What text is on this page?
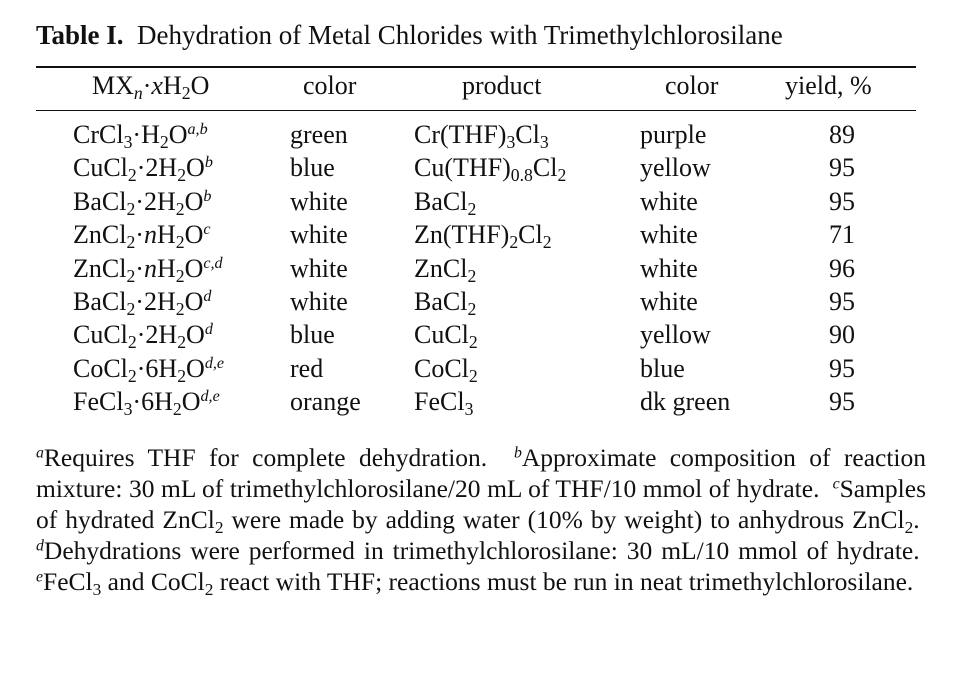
Table I. Dehydration of Metal Chlorides with Trimethylchlorosilane
$MX_n\cdot xH_2O$	color	product	color	yield, %
$CrCl_3\cdot H_2O^{a,b}$	green	$Cr(THF)_3Cl_3$	purple	89
$CuCl_2\cdot 2H_2O^b$	blue	$Cu(THF)_{0.8}Cl_2$	yellow	95
$BaCl_2\cdot 2H_2O^b$	white	BaCl$_2$	white	95
$ZnCl_2\cdot nH_2O^c$	white	$Zn(THF)_2Cl_2$	white	71
$ZnCl_2\cdot nH_2O^{c,d}$	white	ZnCl$_2$	white	96
$BaCl_2\cdot 2H_2O^d$	white	BaCl$_2$	white	95
$CuCl_2\cdot 2H_2O^d$	blue	CuCl$_2$	yellow	90
$CoCl_2\cdot 6H_2O^{d,e}$	red	CoCl$_2$	blue	95
$FeCl_3\cdot 6H_2O^{d,e}$	orange FeCl$_3$	dk green	95
$^a$Requires THF for complete dehydration. $^b$Approximate composition of reaction mixture: 30 mL of trimethylchlorosilane/20 mL of THF/10 mmol of hydrate. $^c$Samples of hydrated ZnCl$_2$ were made by adding water (10% by weight) to anhydrous ZnCl$_2$.  $^d$Dehydrations were performed in trimethylchlorosilane: 30 mL/10 mmol of hydrate.  $^e$FeCl$_3$ and CoCl$_2$ react with THF; reactions must be run in neat trimethylchlorosilane.
